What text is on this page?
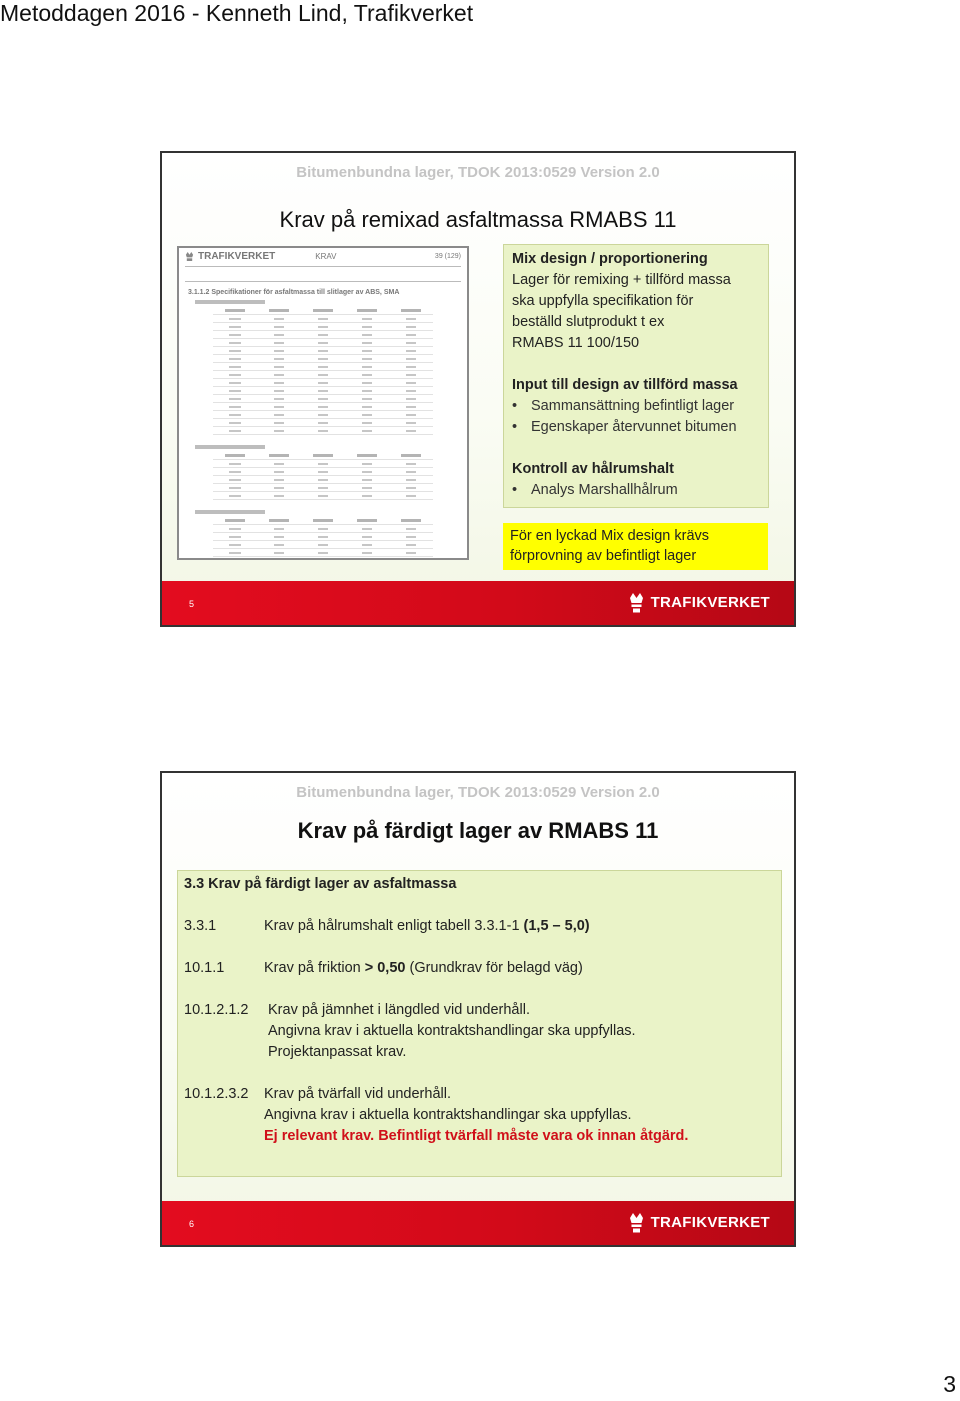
Metoddagen 2016 - Kenneth Lind, Trafikverket
Bitumenbundna lager, TDOK 2013:0529 Version 2.0
Krav på remixad asfaltmassa RMABS 11
TRAFIKVERKET	KRAV	39 (129)
3.1.1.2 Specifikationer för asfaltmassa till slitlager av ABS, SMA
Mix design / proportionering
Lager för remixing + tillförd massa
ska uppfylla specifikation för
beställd slutprodukt t ex
RMABS 11 100/150
Input till design av tillförd massa
• Sammansättning befintligt lager
• Egenskaper återvunnet bitumen
Kontroll av hålrumshalt
• Analys Marshallhålrum
För en lyckad Mix design krävs
förprovning av befintligt lager
5	TRAFIKVERKET
Bitumenbundna lager, TDOK 2013:0529 Version 2.0
Krav på färdigt lager av RMABS 11
3.3 Krav på färdigt lager av asfaltmassa
3.3.1	Krav på hålrumshalt enligt tabell 3.3.1-1 (1,5 – 5,0)
10.1.1	Krav på friktion > 0,50 (Grundkrav för belagd väg)
10.1.2.1.2	Krav på jämnhet i längdled vid underhåll.
Angivna krav i aktuella kontraktshandlingar ska uppfyllas.
Projektanpassat krav.
10.1.2.3.2	Krav på tvärfall vid underhåll.
Angivna krav i aktuella kontraktshandlingar ska uppfyllas.
Ej relevant krav. Befintligt tvärfall måste vara ok innan åtgärd.
6	TRAFIKVERKET
3
